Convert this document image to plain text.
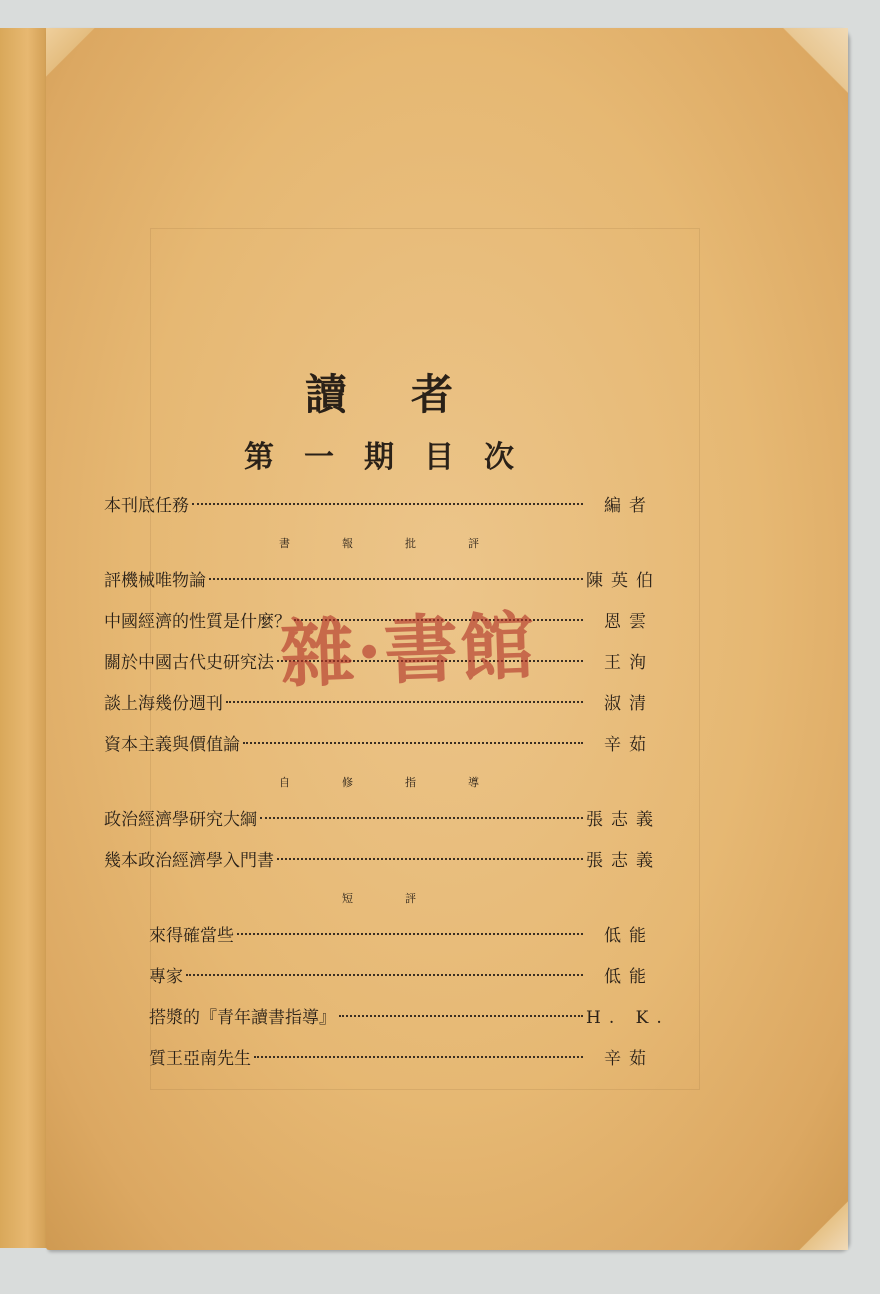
讀者
第一期目次
本刊底任務	編者
書報批評
評機械唯物論	陳英伯
中國經濟的性質是什麼？	恩雲
關於中國古代史研究法	王洵
談上海幾份週刊	淑清
資本主義與價值論	辛茹
自修指導
政治經濟學研究大綱	張志義
幾本政治經濟學入門書	張志義
短評
來得確當些	低能
專家	低能
搭漿的『青年讀書指導』	H. K.
質王亞南先生	辛茹
雜·書館
